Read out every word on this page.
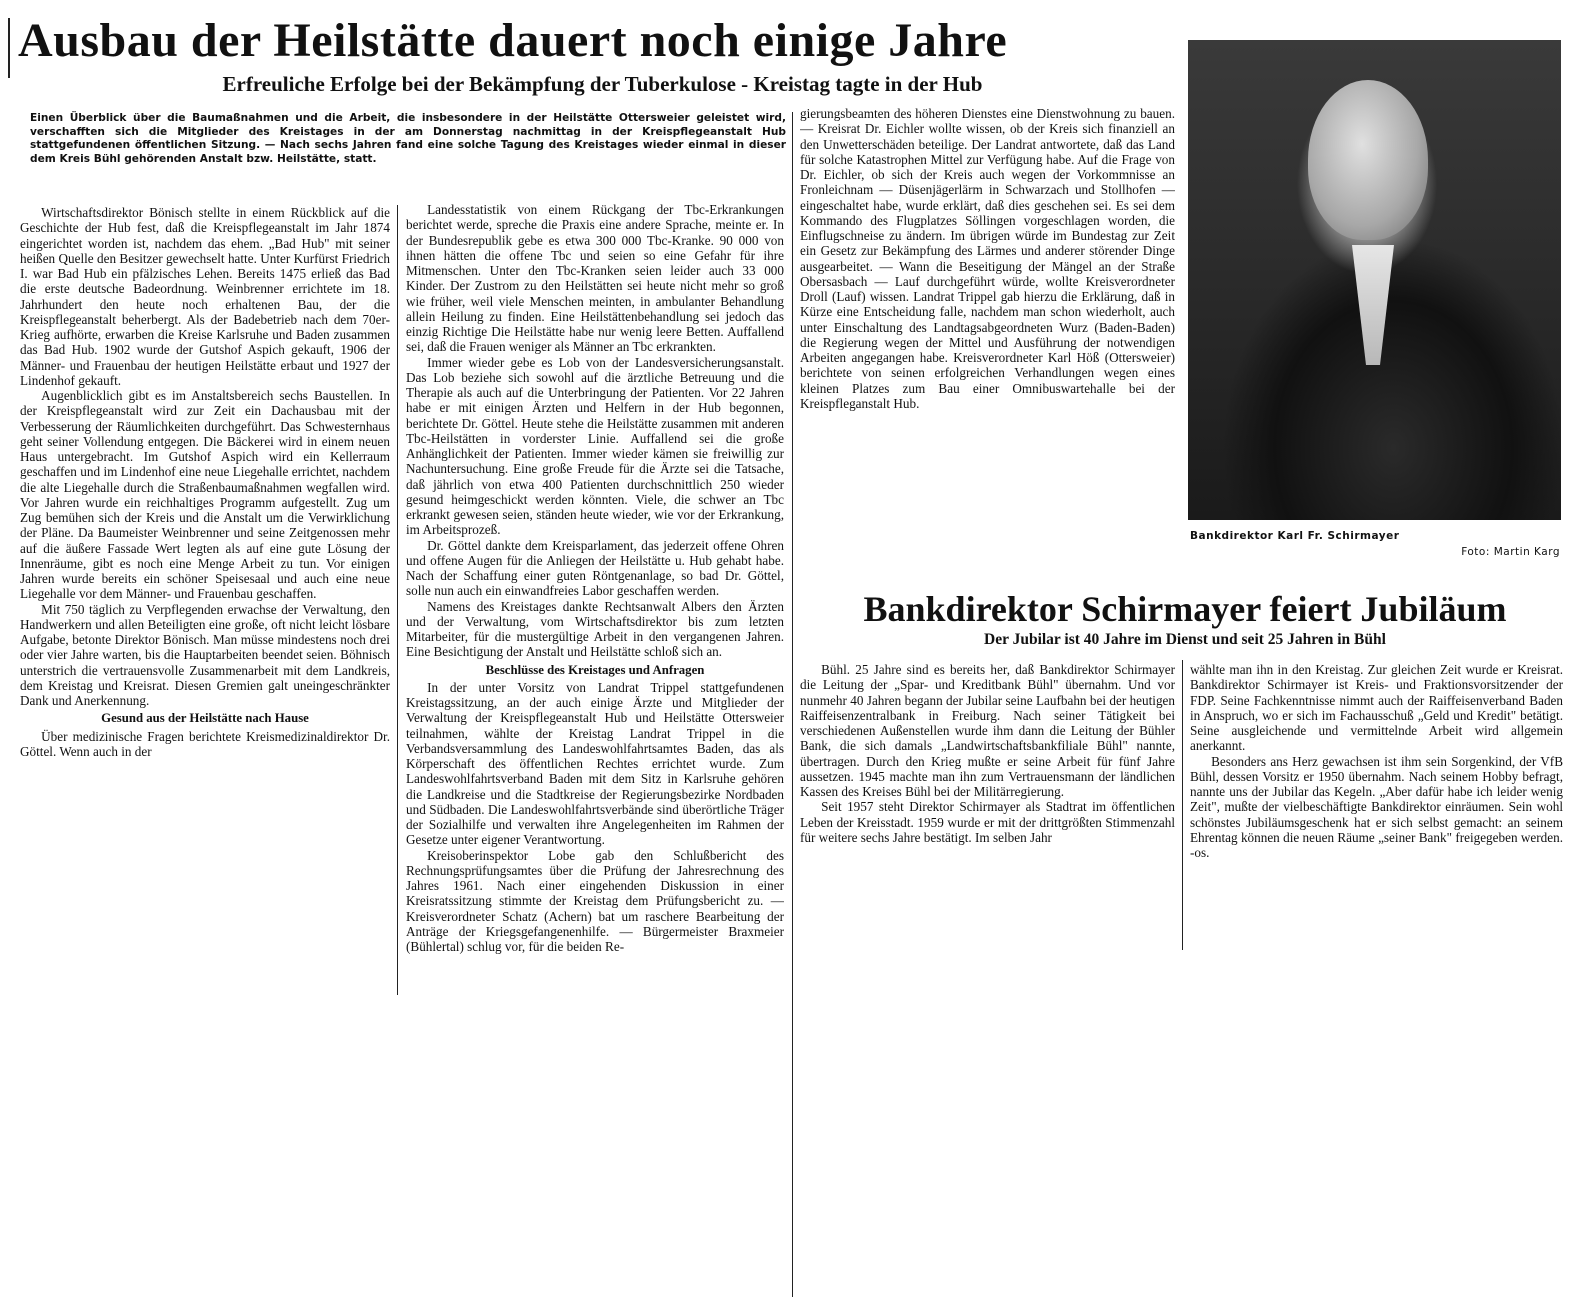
Ausbau der Heilstätte dauert noch einige Jahre
Erfreuliche Erfolge bei der Bekämpfung der Tuberkulose - Kreistag tagte in der Hub

Einen Überblick über die Baumaßnahmen und die Arbeit, die insbesondere in der Heilstätte Ottersweier geleistet wird, verschafften sich die Mitglieder des Kreistages in der am Donnerstag nachmittag in der Kreispflegeanstalt Hub stattgefundenen öffentlichen Sitzung. — Nach sechs Jahren fand eine solche Tagung des Kreistages wieder einmal in dieser dem Kreis Bühl gehörenden Anstalt bzw. Heilstätte, statt.

Wirtschaftsdirektor Bönisch stellte in einem Rückblick auf die Geschichte der Hub fest, daß die Kreispflegeanstalt im Jahr 1874 eingerichtet worden ist, nachdem das ehem. „Bad Hub" mit seiner heißen Quelle den Besitzer gewechselt hatte. Unter Kurfürst Friedrich I. war Bad Hub ein pfälzisches Lehen. Bereits 1475 erließ das Bad die erste deutsche Badeordnung. Weinbrenner errichtete im 18. Jahrhundert den heute noch erhaltenen Bau, der die Kreispflegeanstalt beherbergt. Als der Badebetrieb nach dem 70er-Krieg aufhörte, erwarben die Kreise Karlsruhe und Baden zusammen das Bad Hub. 1902 wurde der Gutshof Aspich gekauft, 1906 der Männer- und Frauenbau der heutigen Heilstätte erbaut und 1927 der Lindenhof gekauft.

Augenblicklich gibt es im Anstaltsbereich sechs Baustellen. In der Kreispflegeanstalt wird zur Zeit ein Dachausbau mit der Verbesserung der Räumlichkeiten durchgeführt. Das Schwesternhaus geht seiner Vollendung entgegen. Die Bäckerei wird in einem neuen Haus untergebracht. Im Gutshof Aspich wird ein Kellerraum geschaffen und im Lindenhof eine neue Liegehalle errichtet, nachdem die alte Liegehalle durch die Straßenbaumaßnahmen wegfallen wird. Vor Jahren wurde ein reichhaltiges Programm aufgestellt. Zug um Zug bemühen sich der Kreis und die Anstalt um die Verwirklichung der Pläne. Da Baumeister Weinbrenner und seine Zeitgenossen mehr auf die äußere Fassade Wert legten als auf eine gute Lösung der Innenräume, gibt es noch eine Menge Arbeit zu tun. Vor einigen Jahren wurde bereits ein schöner Speisesaal und auch eine neue Liegehalle vor dem Männer- und Frauenbau geschaffen.

Mit 750 täglich zu Verpflegenden erwachse der Verwaltung, den Handwerkern und allen Beteiligten eine große, oft nicht leicht lösbare Aufgabe, betonte Direktor Bönisch. Man müsse mindestens noch drei oder vier Jahre warten, bis die Hauptarbeiten beendet seien. Böhnisch unterstrich die vertrauensvolle Zusammenarbeit mit dem Landkreis, dem Kreistag und Kreisrat. Diesen Gremien galt uneingeschränkter Dank und Anerkennung.

Gesund aus der Heilstätte nach Hause

Über medizinische Fragen berichtete Kreismedizinaldirektor Dr. Göttel. Wenn auch in der

Landesstatistik von einem Rückgang der Tbc-Erkrankungen berichtet werde, spreche die Praxis eine andere Sprache, meinte er. In der Bundesrepublik gebe es etwa 300 000 Tbc-Kranke. 90 000 von ihnen hätten die offene Tbc und seien so eine Gefahr für ihre Mitmenschen. Unter den Tbc-Kranken seien leider auch 33 000 Kinder. Der Zustrom zu den Heilstätten sei heute nicht mehr so groß wie früher, weil viele Menschen meinten, in ambulanter Behandlung allein Heilung zu finden. Eine Heilstättenbehandlung sei jedoch das einzig Richtige Die Heilstätte habe nur wenig leere Betten. Auffallend sei, daß die Frauen weniger als Männer an Tbc erkrankten.

Immer wieder gebe es Lob von der Landesversicherungsanstalt. Das Lob beziehe sich sowohl auf die ärztliche Betreuung und die Therapie als auch auf die Unterbringung der Patienten. Vor 22 Jahren habe er mit einigen Ärzten und Helfern in der Hub begonnen, berichtete Dr. Göttel. Heute stehe die Heilstätte zusammen mit anderen Tbc-Heilstätten in vorderster Linie. Auffallend sei die große Anhänglichkeit der Patienten. Immer wieder kämen sie freiwillig zur Nachuntersuchung. Eine große Freude für die Ärzte sei die Tatsache, daß jährlich von etwa 400 Patienten durchschnittlich 250 wieder gesund heimgeschickt werden könnten. Viele, die schwer an Tbc erkrankt gewesen seien, ständen heute wieder, wie vor der Erkrankung, im Arbeitsprozeß.

Dr. Göttel dankte dem Kreisparlament, das jederzeit offene Ohren und offene Augen für die Anliegen der Heilstätte u. Hub gehabt habe. Nach der Schaffung einer guten Röntgenanlage, so bad Dr. Göttel, solle nun auch ein einwandfreies Labor geschaffen werden.

Namens des Kreistages dankte Rechtsanwalt Albers den Ärzten und der Verwaltung, vom Wirtschaftsdirektor bis zum letzten Mitarbeiter, für die mustergültige Arbeit in den vergangenen Jahren. Eine Besichtigung der Anstalt und Heilstätte schloß sich an.

Beschlüsse des Kreistages und Anfragen

In der unter Vorsitz von Landrat Trippel stattgefundenen Kreistagssitzung, an der auch einige Ärzte und Mitglieder der Verwaltung der Kreispflegeanstalt Hub und Heilstätte Ottersweier teilnahmen, wählte der Kreistag Landrat Trippel in die Verbandsversammlung des Landeswohlfahrtsamtes Baden, das als Körperschaft des öffentlichen Rechtes errichtet wurde. Zum Landeswohlfahrtsverband Baden mit dem Sitz in Karlsruhe gehören die Landkreise und die Stadtkreise der Regierungsbezirke Nordbaden und Südbaden. Die Landeswohlfahrtsverbände sind überörtliche Träger der Sozialhilfe und verwalten ihre Angelegenheiten im Rahmen der Gesetze unter eigener Verantwortung.

Kreisoberinspektor Lobe gab den Schlußbericht des Rechnungsprüfungsamtes über die Prüfung der Jahresrechnung des Jahres 1961. Nach einer eingehenden Diskussion in einer Kreisratssitzung stimmte der Kreistag dem Prüfungsbericht zu. — Kreisverordneter Schatz (Achern) bat um raschere Bearbeitung der Anträge der Kriegsgefangenenhilfe. — Bürgermeister Braxmeier (Bühlertal) schlug vor, für die beiden Re-

gierungsbeamten des höheren Dienstes eine Dienstwohnung zu bauen. — Kreisrat Dr. Eichler wollte wissen, ob der Kreis sich finanziell an den Unwetterschäden beteilige. Der Landrat antwortete, daß das Land für solche Katastrophen Mittel zur Verfügung habe. Auf die Frage von Dr. Eichler, ob sich der Kreis auch wegen der Vorkommnisse an Fronleichnam — Düsenjägerlärm in Schwarzach und Stollhofen — eingeschaltet habe, wurde erklärt, daß dies geschehen sei. Es sei dem Kommando des Flugplatzes Söllingen vorgeschlagen worden, die Einflugschneise zu ändern. Im übrigen würde im Bundestag zur Zeit ein Gesetz zur Bekämpfung des Lärmes und anderer störender Dinge ausgearbeitet. — Wann die Beseitigung der Mängel an der Straße Obersasbach — Lauf durchgeführt würde, wollte Kreisverordneter Droll (Lauf) wissen. Landrat Trippel gab hierzu die Erklärung, daß in Kürze eine Entscheidung falle, nachdem man schon wiederholt, auch unter Einschaltung des Landtagsabgeordneten Wurz (Baden-Baden) die Regierung wegen der Mittel und Ausführung der notwendigen Arbeiten angegangen habe. Kreisverordneter Karl Höß (Ottersweier) berichtete von seinen erfolgreichen Verhandlungen wegen eines kleinen Platzes zum Bau einer Omnibuswartehalle bei der Kreispfleganstalt Hub.

Bankdirektor Karl Fr. Schirmayer
Foto: Martin Karg
Bankdirektor Schirmayer feiert Jubiläum
Der Jubilar ist 40 Jahre im Dienst und seit 25 Jahren in Bühl

Bühl. 25 Jahre sind es bereits her, daß Bankdirektor Schirmayer die Leitung der „Spar- und Kreditbank Bühl" übernahm. Und vor nunmehr 40 Jahren begann der Jubilar seine Laufbahn bei der heutigen Raiffeisenzentralbank in Freiburg. Nach seiner Tätigkeit bei verschiedenen Außenstellen wurde ihm dann die Leitung der Bühler Bank, die sich damals „Landwirtschaftsbankfiliale Bühl" nannte, übertragen. Durch den Krieg mußte er seine Arbeit für fünf Jahre aussetzen. 1945 machte man ihn zum Vertrauensmann der ländlichen Kassen des Kreises Bühl bei der Militärregierung.

Seit 1957 steht Direktor Schirmayer als Stadtrat im öffentlichen Leben der Kreisstadt. 1959 wurde er mit der drittgrößten Stimmenzahl für weitere sechs Jahre bestätigt. Im selben Jahr

wählte man ihn in den Kreistag. Zur gleichen Zeit wurde er Kreisrat. Bankdirektor Schirmayer ist Kreis- und Fraktionsvorsitzender der FDP. Seine Fachkenntnisse nimmt auch der Raiffeisenverband Baden in Anspruch, wo er sich im Fachausschuß „Geld und Kredit" betätigt. Seine ausgleichende und vermittelnde Arbeit wird allgemein anerkannt.

Besonders ans Herz gewachsen ist ihm sein Sorgenkind, der VfB Bühl, dessen Vorsitz er 1950 übernahm. Nach seinem Hobby befragt, nannte uns der Jubilar das Kegeln. „Aber dafür habe ich leider wenig Zeit", mußte der vielbeschäftigte Bankdirektor einräumen. Sein wohl schönstes Jubiläumsgeschenk hat er sich selbst gemacht: an seinem Ehrentag können die neuen Räume „seiner Bank" freigegeben werden. -os.
